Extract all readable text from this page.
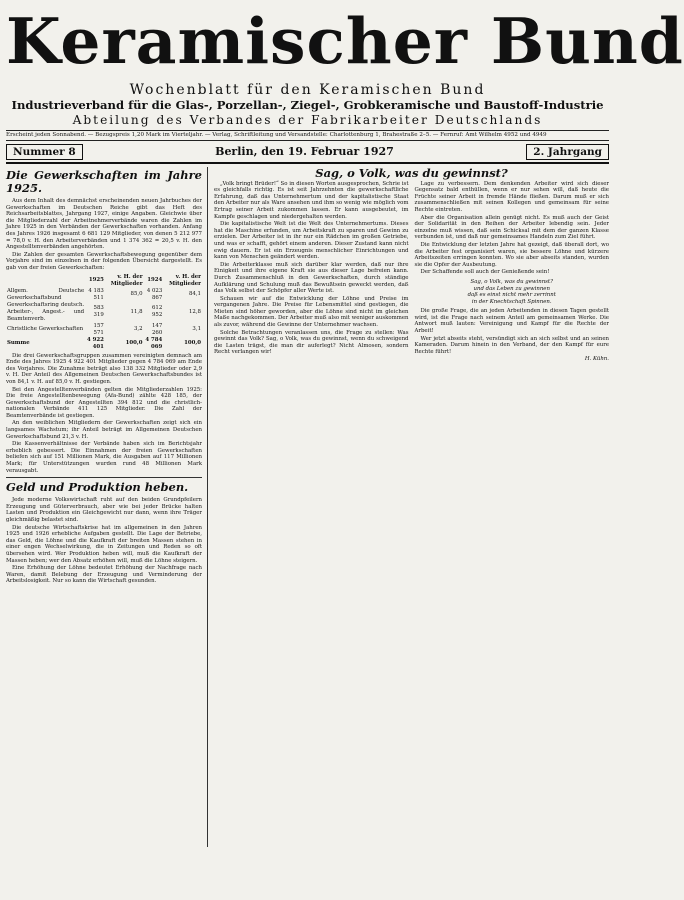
Keramischer Bund
Wochenblatt für den Keramischen Bund
Industrieverband für die Glas-, Porzellan-, Ziegel-, Grobkeramische und Baustoff-Industrie
Abteilung des Verbandes der Fabrikarbeiter Deutschlands
Erscheint jeden Sonnabend. — Bezugspreis 1,20 Mark im Vierteljahr. — Verlag, Schriftleitung und Versandstelle: Charlottenburg 1, Brahestraße 2–5. — Fernruf: Amt Wilhelm 4952 und 4949
Nummer 8	Berlin, den 19. Februar 1927	2. Jahrgang
Die Gewerkschaften im Jahre 1925.

Aus dem Inhalt des demnächst erscheinenden neuen Jahrbuches der Gewerkschaften im Deutschen Reiche gibt das Heft des Reichsarbeitsblattes, Jahrgang 1927, einige Angaben. Gleichwie über die Mitgliederzahl der Arbeitnehmerverbände waren die Zahlen im Jahre 1925 in den Verbänden der Gewerkschaften vorhanden. Anfang des Jahres 1926 insgesamt 6 681 129 Mitglieder, von denen 5 212 977 = 78,0 v. H. den Arbeiterverbänden und 1 374 362 = 20,5 v. H. den Angestelltenverbänden angehörten.

Die Zahlen der gesamten Gewerkschaftsbewegung gegenüber dem Vorjahre sind im einzelnen in der folgenden Übersicht dargestellt. Es gab von der freien Gewerkschaften:

	1925	v. H. der Mitglieder	1924	v. H. der Mitglieder
Allgem. Deutsche Gewerkschaftsbund	4 183 511	85,0	4 023 867	84,1
Gewerkschaftsring deutsch. Arbeiter-, Angest.- und Beamtenverb.	583 319	11,8	612 952	12,8
Christliche Gewerkschaften	157 571	3,2	147 260	3,1
Summe	4 922 401	100,0	4 784 069	100,0

Die drei Gewerkschaftsgruppen zusammen vereinigten demnach am Ende des Jahres 1925 4 922 401 Mitglieder gegen 4 784 069 am Ende des Vorjahres. Die Zunahme beträgt also 138 332 Mitglieder oder 2,9 v. H. Der Anteil des Allgemeinen Deutschen Gewerkschaftsbundes ist von 84,1 v. H. auf 85,0 v. H. gestiegen.

Bei den Angestelltenverbänden gelten die Mitgliederzahlen 1925: Die freie Angestelltenbewegung (Afa-Bund) zählte 428 185, der Gewerkschaftsbund der Angestellten 394 812 und die christlich-nationalen Verbände 411 125 Mitglieder. Die Zahl der Beamtenverbände ist gestiegen.

An den weiblichen Mitgliedern der Gewerkschaften zeigt sich ein langsames Wachstum; ihr Anteil beträgt im Allgemeinen Deutschen Gewerkschaftsbund 21,3 v. H.

Die Kassenverhältnisse der Verbände haben sich im Berichtsjahr erheblich gebessert. Die Einnahmen der freien Gewerkschaften beliefen sich auf 151 Millionen Mark, die Ausgaben auf 117 Millionen Mark; für Unterstützungen wurden rund 48 Millionen Mark verausgabt.

Geld und Produktion heben.

Jede moderne Volkswirtschaft ruht auf den beiden Grundpfeilern Erzeugung und Güterverbrauch, aber wie bei jeder Brücke halten Lasten und Produktion ein Gleichgewicht nur dann, wenn ihre Träger gleichmäßig belastet sind.

Die deutsche Wirtschaftskrise hat im allgemeinen in den Jahren 1925 und 1926 erhebliche Aufgaben gestellt. Die Lage der Betriebe, das Geld, die Löhne und die Kaufkraft der breiten Massen stehen in einer engen Wechselwirkung, die in Zeitungen und Reden so oft übersehen wird. Wer Produktion heben will, muß die Kaufkraft der Massen heben; wer den Absatz erhöhen will, muß die Löhne steigern.

Eine Erhöhung der Löhne bedeutet Erhöhung der Nachfrage nach Waren, damit Belebung der Erzeugung und Verminderung der Arbeitslosigkeit. Nur so kann die Wirtschaft gesunden.

Sag, o Volk, was du gewinnst?

„Volk bringt Brüder!“ So in diesen Worten ausgesprochen, Schrie ist es gleichfalls richtig. Es ist seit Jahrzehnten die gewerkschaftliche Erfahrung, daß das Unternehmertum und der kapitalistische Staat den Arbeiter nur als Ware ansehen und ihm so wenig wie möglich vom Ertrag seiner Arbeit zukommen lassen. Er kann ausgebeutet, im Kampfe geschlagen und niedergehalten werden.

Die kapitalistische Welt ist die Welt des Unternehmertums. Dieses hat die Maschine erfunden, um Arbeitskraft zu sparen und Gewinn zu erzielen. Der Arbeiter ist in ihr nur ein Rädchen im großen Getriebe, und was er schafft, gehört einem anderen. Dieser Zustand kann nicht ewig dauern. Er ist ein Erzeugnis menschlicher Einrichtungen und kann von Menschen geändert werden.

Die Arbeiterklasse muß sich darüber klar werden, daß nur ihre Einigkeit und ihre eigene Kraft sie aus dieser Lage befreien kann. Durch Zusammenschluß in den Gewerkschaften, durch ständige Aufklärung und Schulung muß das Bewußtsein geweckt werden, daß das Volk selbst der Schöpfer aller Werte ist.

Schauen wir auf die Entwicklung der Löhne und Preise im vergangenen Jahre. Die Preise für Lebensmittel sind gestiegen, die Mieten sind höher geworden, aber die Löhne sind nicht im gleichen Maße nachgekommen. Der Arbeiter muß also mit weniger auskommen als zuvor, während die Gewinne der Unternehmer wachsen.

Solche Betrachtungen veranlassen uns, die Frage zu stellen: Was gewinnt das Volk? Sag, o Volk, was du gewinnst, wenn du schweigend die Lasten trägst, die man dir auferlegt? Nicht Almosen, sondern Recht verlangen wir!

Lage zu verbessern. Dem denkenden Arbeiter wird sich dieser Gegensatz bald enthüllen, wenn er nur sehen will, daß heute die Früchte seiner Arbeit in fremde Hände fließen. Darum muß er sich zusammenschließen mit seinen Kollegen und gemeinsam für seine Rechte eintreten.

Aber die Organisation allein genügt nicht. Es muß auch der Geist der Solidarität in den Reihen der Arbeiter lebendig sein. Jeder einzelne muß wissen, daß sein Schicksal mit dem der ganzen Klasse verbunden ist, und daß nur gemeinsames Handeln zum Ziel führt.

Die Entwicklung der letzten Jahre hat gezeigt, daß überall dort, wo die Arbeiter fest organisiert waren, sie bessere Löhne und kürzere Arbeitszeiten erringen konnten. Wo sie aber abseits standen, wurden sie die Opfer der Ausbeutung.

Der Schaffende soll auch der Genießende sein!

Sag, o Volk, was du gewinnst?
und das Leben zu gewinnen
daß es einst nicht mehr zerrinnt
in der Knechtschaft Spinnen.

Die große Frage, die an jeden Arbeitenden in diesen Tagen gestellt wird, ist die Frage nach seinem Anteil am gemeinsamen Werke. Die Antwort muß lauten: Vereinigung und Kampf für die Rechte der Arbeit!

Wer jetzt abseits steht, versündigt sich an sich selbst und an seinen Kameraden. Darum hinein in den Verband, der den Kampf für eure Rechte führt!

H. Kühn.
